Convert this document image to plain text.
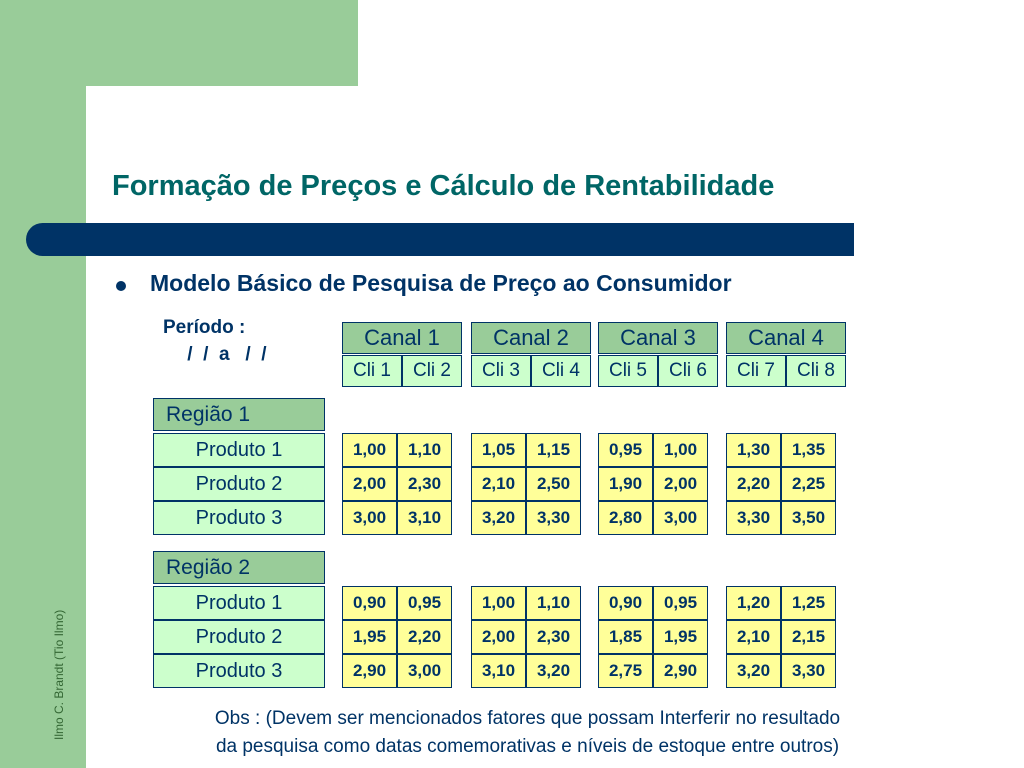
Ilmo C. Brandt (Tio Ilmo)
Formação de Preços e Cálculo de Rentabilidade
Modelo Básico de Pesquisa de Preço ao Consumidor
Período :
/  /  a   /  /
Canal 1	Canal 2	Canal 3	Canal 4
Cli 1	Cli 2	Cli 3	Cli 4	Cli 5	Cli 6	Cli 7	Cli 8
Região 1
Produto 1	1,00	1,10	1,05	1,15	0,95	1,00	1,30	1,35
Produto 2	2,00	2,30	2,10	2,50	1,90	2,00	2,20	2,25
Produto 3	3,00	3,10	3,20	3,30	2,80	3,00	3,30	3,50
Região 2
Produto 1	0,90	0,95	1,00	1,10	0,90	0,95	1,20	1,25
Produto 2	1,95	2,20	2,00	2,30	1,85	1,95	2,10	2,15
Produto 3	2,90	3,00	3,10	3,20	2,75	2,90	3,20	3,30
Obs : (Devem ser mencionados fatores que possam Interferir no resultado
da pesquisa como datas comemorativas e níveis de estoque entre outros)
